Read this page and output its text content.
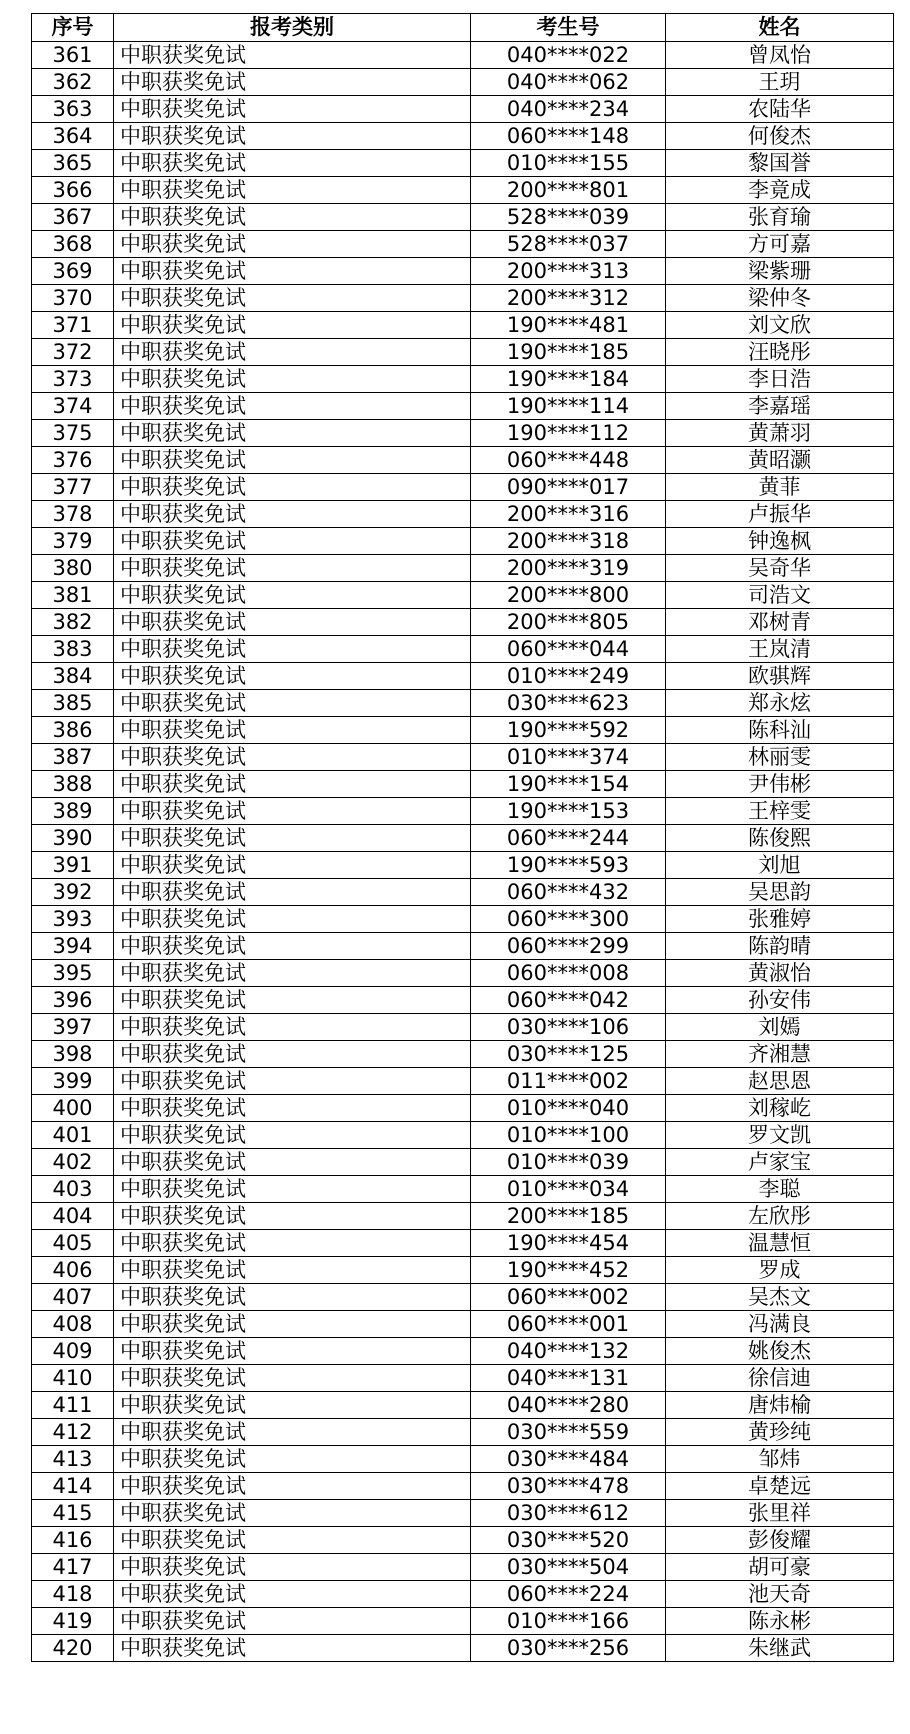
序号	报考类别	考生号	姓名
361	中职获奖免试	040****022	曾凤怡
362	中职获奖免试	040****062	王玥
363	中职获奖免试	040****234	农陆华
364	中职获奖免试	060****148	何俊杰
365	中职获奖免试	010****155	黎国誉
366	中职获奖免试	200****801	李竟成
367	中职获奖免试	528****039	张育瑜
368	中职获奖免试	528****037	方可嘉
369	中职获奖免试	200****313	梁紫珊
370	中职获奖免试	200****312	梁仲冬
371	中职获奖免试	190****481	刘文欣
372	中职获奖免试	190****185	汪晓彤
373	中职获奖免试	190****184	李日浩
374	中职获奖免试	190****114	李嘉瑶
375	中职获奖免试	190****112	黄萧羽
376	中职获奖免试	060****448	黄昭灏
377	中职获奖免试	090****017	黄菲
378	中职获奖免试	200****316	卢振华
379	中职获奖免试	200****318	钟逸枫
380	中职获奖免试	200****319	吴奇华
381	中职获奖免试	200****800	司浩文
382	中职获奖免试	200****805	邓树青
383	中职获奖免试	060****044	王岚清
384	中职获奖免试	010****249	欧骐辉
385	中职获奖免试	030****623	郑永炫
386	中职获奖免试	190****592	陈科汕
387	中职获奖免试	010****374	林丽雯
388	中职获奖免试	190****154	尹伟彬
389	中职获奖免试	190****153	王梓雯
390	中职获奖免试	060****244	陈俊熙
391	中职获奖免试	190****593	刘旭
392	中职获奖免试	060****432	吴思韵
393	中职获奖免试	060****300	张雅婷
394	中职获奖免试	060****299	陈韵晴
395	中职获奖免试	060****008	黄淑怡
396	中职获奖免试	060****042	孙安伟
397	中职获奖免试	030****106	刘嫣
398	中职获奖免试	030****125	齐湘慧
399	中职获奖免试	011****002	赵思恩
400	中职获奖免试	010****040	刘稼屹
401	中职获奖免试	010****100	罗文凯
402	中职获奖免试	010****039	卢家宝
403	中职获奖免试	010****034	李聪
404	中职获奖免试	200****185	左欣彤
405	中职获奖免试	190****454	温慧恒
406	中职获奖免试	190****452	罗成
407	中职获奖免试	060****002	吴杰文
408	中职获奖免试	060****001	冯满良
409	中职获奖免试	040****132	姚俊杰
410	中职获奖免试	040****131	徐信迪
411	中职获奖免试	040****280	唐炜榆
412	中职获奖免试	030****559	黄珍纯
413	中职获奖免试	030****484	邹炜
414	中职获奖免试	030****478	卓楚远
415	中职获奖免试	030****612	张里祥
416	中职获奖免试	030****520	彭俊耀
417	中职获奖免试	030****504	胡可豪
418	中职获奖免试	060****224	池天奇
419	中职获奖免试	010****166	陈永彬
420	中职获奖免试	030****256	朱继武
